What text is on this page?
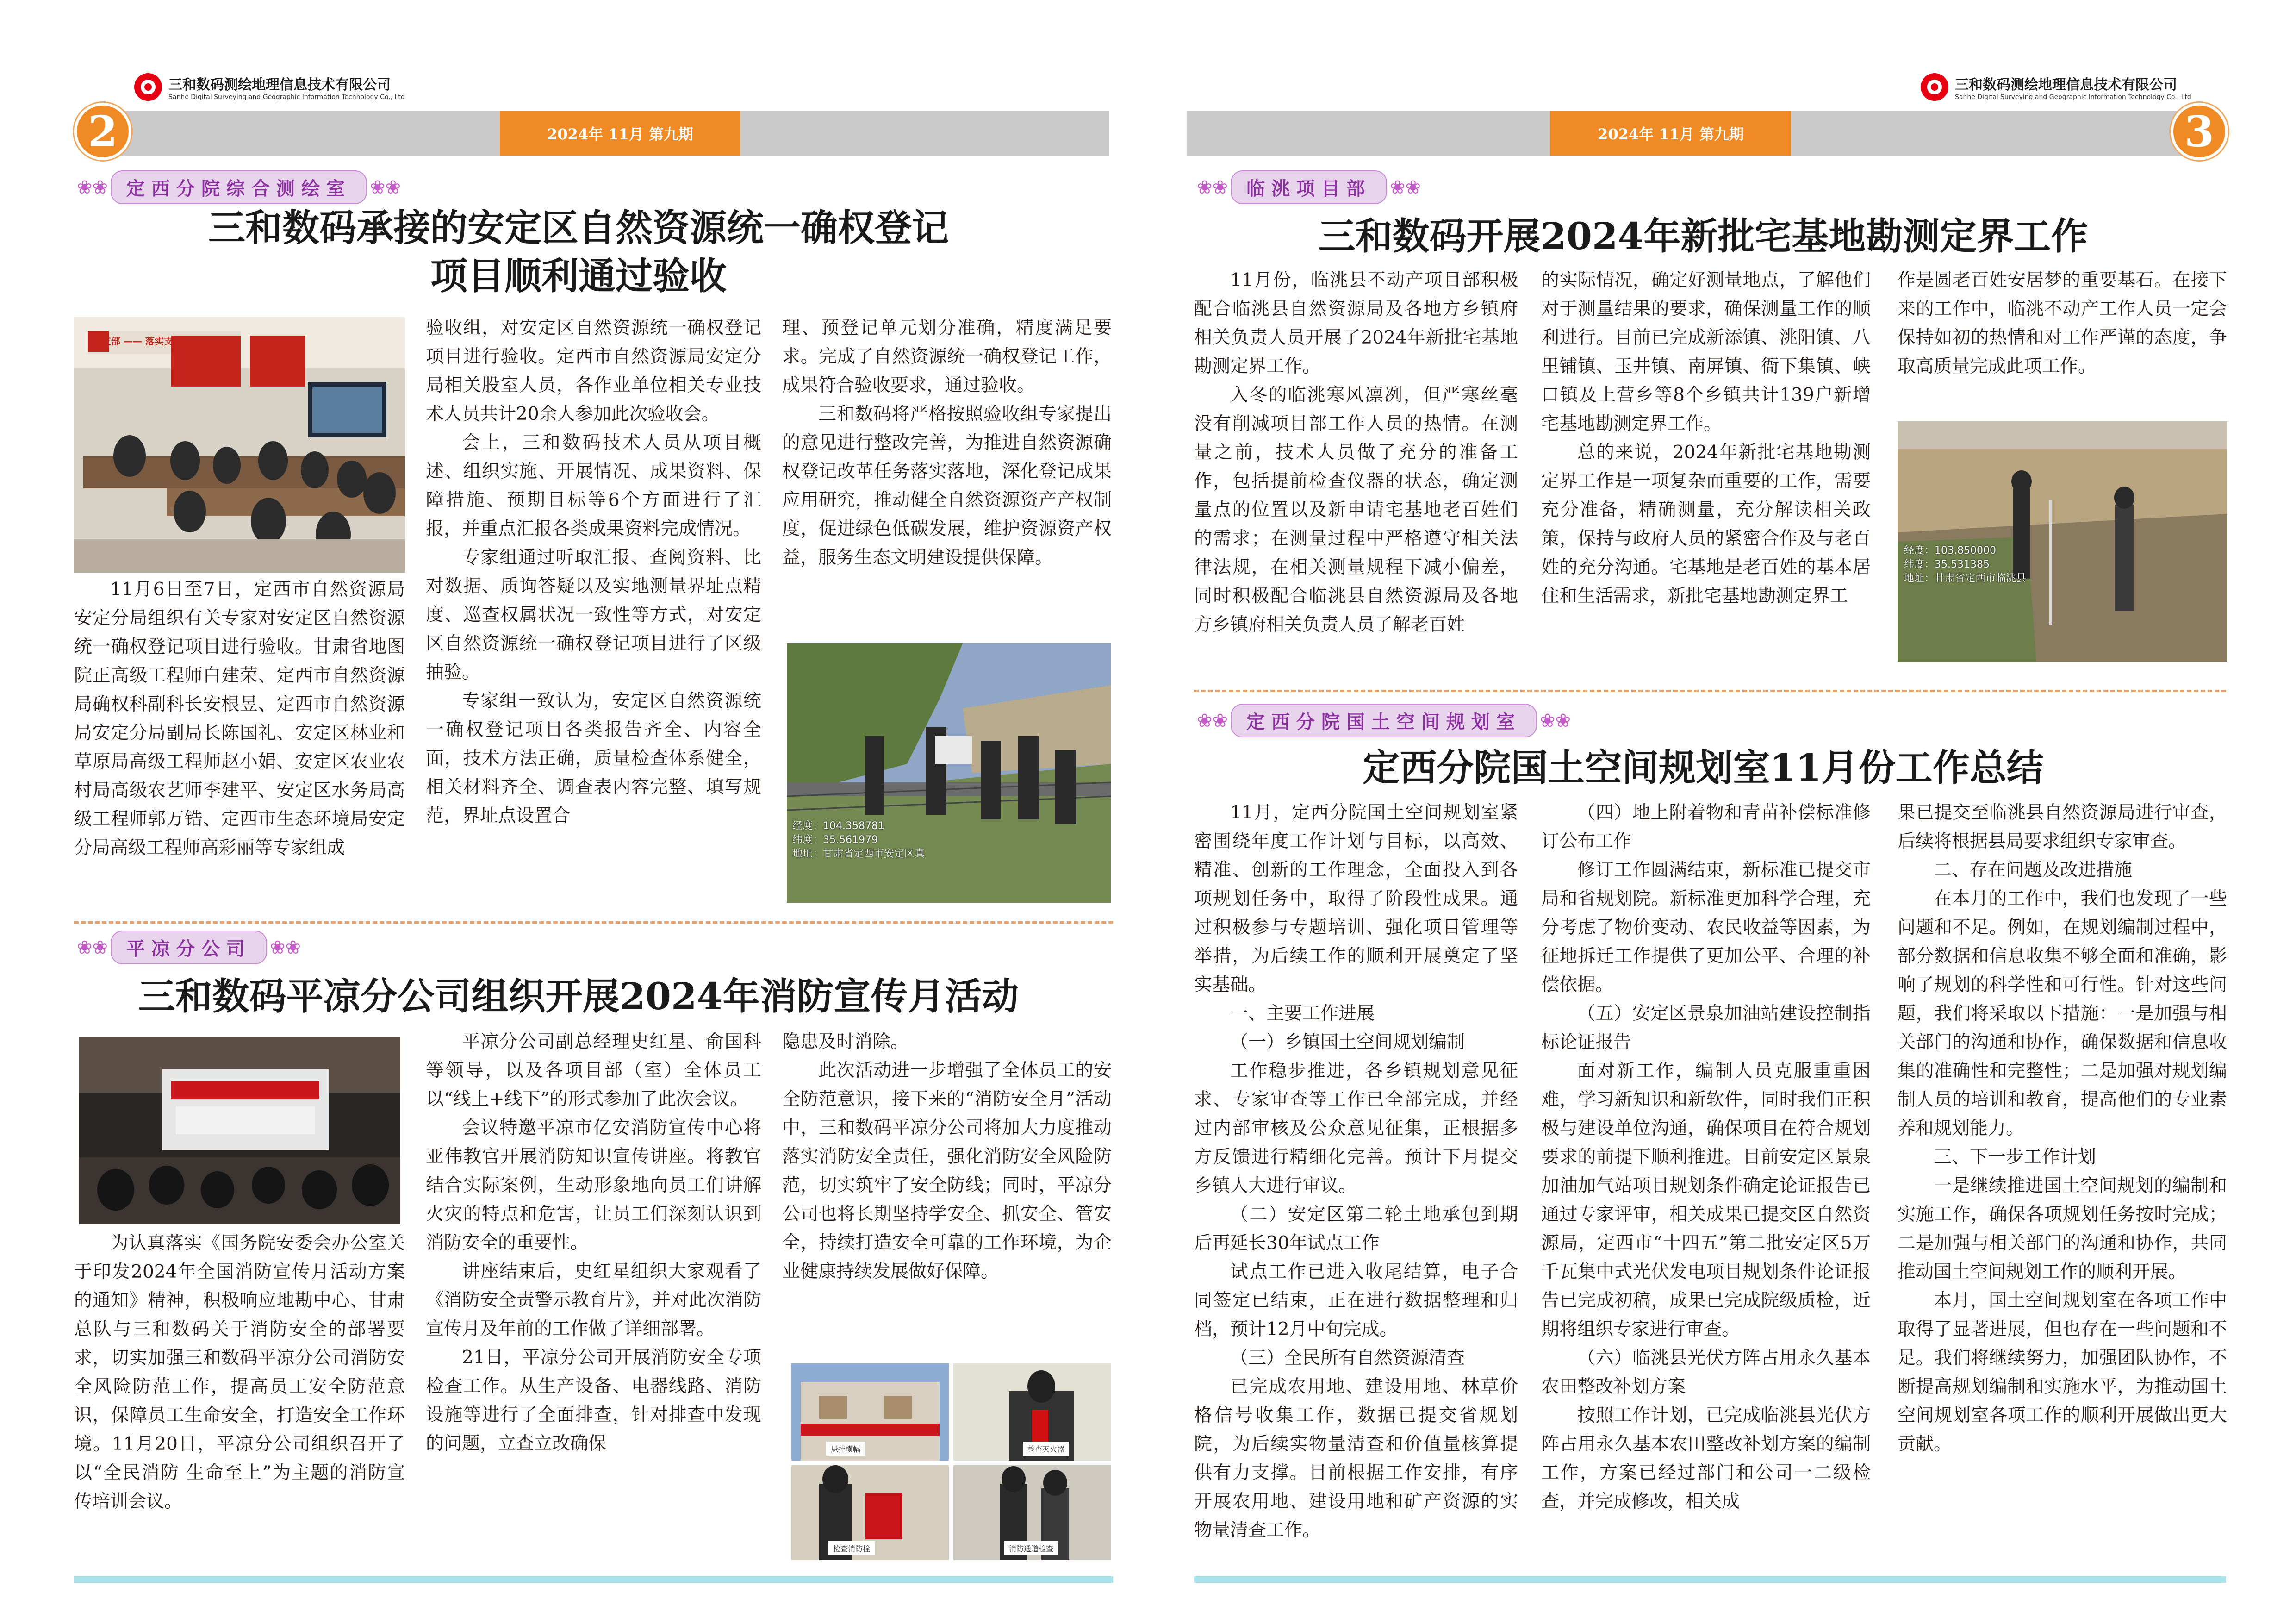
三和数码测绘地理信息技术有限公司
Sanhe Digital Surveying and Geographic Information Technology Co., Ltd
2024年 11月 第九期
2
三和数码测绘地理信息技术有限公司
Sanhe Digital Surveying and Geographic Information Technology Co., Ltd
2024年 11月 第九期	3
❀❀	定西分院综合测绘室	❀❀
三和数码承接的安定区自然资源统一确权登记
项目顺利通过验收
今支部 —— 落实支一 讲党建一 行

11月6日至7日，定西市自然资源局安定分局组织有关专家对安定区自然资源统一确权登记项目进行验收。甘肃省地图院正高级工程师白建荣、定西市自然资源局确权科副科长安根昱、定西市自然资源局安定分局副局长陈国礼、安定区林业和草原局高级工程师赵小娟、安定区农业农村局高级农艺师李建平、安定区水务局高级工程师郭万锆、定西市生态环境局安定分局高级工程师高彩丽等专家组成

验收组，对安定区自然资源统一确权登记项目进行验收。定西市自然资源局安定分局相关股室人员，各作业单位相关专业技术人员共计20余人参加此次验收会。

会上，三和数码技术人员从项目概述、组织实施、开展情况、成果资料、保障措施、预期目标等6个方面进行了汇报，并重点汇报各类成果资料完成情况。

专家组通过听取汇报、查阅资料、比对数据、质询答疑以及实地测量界址点精度、巡查权属状况一致性等方式，对安定区自然资源统一确权登记项目进行了区级抽验。

专家组一致认为，安定区自然资源统一确权登记项目各类报告齐全、内容全面，技术方法正确，质量检查体系健全，相关材料齐全、调查表内容完整、填写规范，界址点设置合

理、预登记单元划分准确，精度满足要求。完成了自然资源统一确权登记工作，成果符合验收要求，通过验收。

三和数码将严格按照验收组专家提出的意见进行整改完善，为推进自然资源确权登记改革任务落实落地，深化登记成果应用研究，推动健全自然资源资产产权制度，促进绿色低碳发展，维护资源资产权益，服务生态文明建设提供保障。

经度：104.358781
纬度：35.561979
地址：甘肃省定西市安定区真
❀❀	平凉分公司	❀❀
三和数码平凉分公司组织开展2024年消防宣传月活动

为认真落实《国务院安委会办公室关于印发2024年全国消防宣传月活动方案的通知》精神，积极响应地勘中心、甘肃总队与三和数码关于消防安全的部署要求，切实加强三和数码平凉分公司消防安全风险防范工作，提高员工安全防范意识，保障员工生命安全，打造安全工作环境。11月20日，平凉分公司组织召开了以“全民消防 生命至上”为主题的消防宣传培训会议。

平凉分公司副总经理史红星、俞国科等领导，以及各项目部（室）全体员工以“线上+线下”的形式参加了此次会议。

会议特邀平凉市亿安消防宣传中心将亚伟教官开展消防知识宣传讲座。将教官结合实际案例，生动形象地向员工们讲解火灾的特点和危害，让员工们深刻认识到消防安全的重要性。

讲座结束后，史红星组织大家观看了《消防安全责警示教育片》，并对此次消防宣传月及年前的工作做了详细部署。

21日，平凉分公司开展消防安全专项检查工作。从生产设备、电器线路、消防设施等进行了全面排查，针对排查中发现的问题，立查立改确保

隐患及时消除。

此次活动进一步增强了全体员工的安全防范意识，接下来的“消防安全月”活动中，三和数码平凉分公司将加大力度推动落实消防安全责任，强化消防安全风险防范，切实筑牢了安全防线；同时，平凉分公司也将长期坚持学安全、抓安全、管安全，持续打造安全可靠的工作环境，为企业健康持续发展做好保障。

悬挂横幅	检查灭火器
检查消防栓	消防通道检查
❀❀	临洮项目部	❀❀
三和数码开展2024年新批宅基地勘测定界工作

11月份，临洮县不动产项目部积极配合临洮县自然资源局及各地方乡镇府相关负责人员开展了2024年新批宅基地勘测定界工作。

入冬的临洮寒风凛冽，但严寒丝毫没有削减项目部工作人员的热情。在测量之前，技术人员做了充分的准备工作，包括提前检查仪器的状态，确定测量点的位置以及新申请宅基地老百姓们的需求；在测量过程中严格遵守相关法律法规，在相关测量规程下减小偏差，同时积极配合临洮县自然资源局及各地方乡镇府相关负责人员了解老百姓

的实际情况，确定好测量地点，了解他们对于测量结果的要求，确保测量工作的顺利进行。目前已完成新添镇、洮阳镇、八里铺镇、玉井镇、南屏镇、衙下集镇、峡口镇及上营乡等8个乡镇共计139户新增宅基地勘测定界工作。

总的来说，2024年新批宅基地勘测定界工作是一项复杂而重要的工作，需要充分准备，精确测量，充分解读相关政策，保持与政府人员的紧密合作及与老百姓的充分沟通。宅基地是老百姓的基本居住和生活需求，新批宅基地勘测定界工

作是圆老百姓安居梦的重要基石。在接下来的工作中，临洮不动产工作人员一定会保持如初的热情和对工作严谨的态度，争取高质量完成此项工作。

经度：103.850000
纬度：35.531385
地址：甘肃省定西市临洮县
❀❀	定西分院国土空间规划室	❀❀
定西分院国土空间规划室11月份工作总结

11月，定西分院国土空间规划室紧密围绕年度工作计划与目标，以高效、精准、创新的工作理念，全面投入到各项规划任务中，取得了阶段性成果。通过积极参与专题培训、强化项目管理等举措，为后续工作的顺利开展奠定了坚实基础。

一、主要工作进展

（一）乡镇国土空间规划编制

工作稳步推进，各乡镇规划意见征求、专家审查等工作已全部完成，并经过内部审核及公众意见征集，正根据多方反馈进行精细化完善。预计下月提交乡镇人大进行审议。

（二）安定区第二轮土地承包到期后再延长30年试点工作

试点工作已进入收尾结算，电子合同签定已结束，正在进行数据整理和归档，预计12月中旬完成。

（三）全民所有自然资源清查

已完成农用地、建设用地、林草价格信号收集工作，数据已提交省规划院，为后续实物量清查和价值量核算提供有力支撑。目前根据工作安排，有序开展农用地、建设用地和矿产资源的实物量清查工作。

（四）地上附着物和青苗补偿标准修订公布工作

修订工作圆满结束，新标准已提交市局和省规划院。新标准更加科学合理，充分考虑了物价变动、农民收益等因素，为征地拆迁工作提供了更加公平、合理的补偿依据。

（五）安定区景泉加油站建设控制指标论证报告

面对新工作，编制人员克服重重困难，学习新知识和新软件，同时我们正积极与建设单位沟通，确保项目在符合规划要求的前提下顺利推进。目前安定区景泉加油加气站项目规划条件确定论证报告已通过专家评审，相关成果已提交区自然资源局，定西市“十四五”第二批安定区5万千瓦集中式光伏发电项目规划条件论证报告已完成初稿，成果已完成院级质检，近期将组织专家进行审查。

（六）临洮县光伏方阵占用永久基本农田整改补划方案

按照工作计划，已完成临洮县光伏方阵占用永久基本农田整改补划方案的编制工作，方案已经过部门和公司一二级检查，并完成修改，相关成

果已提交至临洮县自然资源局进行审查，后续将根据县局要求组织专家审查。

二、存在问题及改进措施

在本月的工作中，我们也发现了一些问题和不足。例如，在规划编制过程中，部分数据和信息收集不够全面和准确，影响了规划的科学性和可行性。针对这些问题，我们将采取以下措施：一是加强与相关部门的沟通和协作，确保数据和信息收集的准确性和完整性；二是加强对规划编制人员的培训和教育，提高他们的专业素养和规划能力。

三、下一步工作计划

一是继续推进国土空间规划的编制和实施工作，确保各项规划任务按时完成；二是加强与相关部门的沟通和协作，共同推动国土空间规划工作的顺利开展。

本月，国土空间规划室在各项工作中取得了显著进展，但也存在一些问题和不足。我们将继续努力，加强团队协作，不断提高规划编制和实施水平，为推动国土空间规划室各项工作的顺利开展做出更大贡献。
